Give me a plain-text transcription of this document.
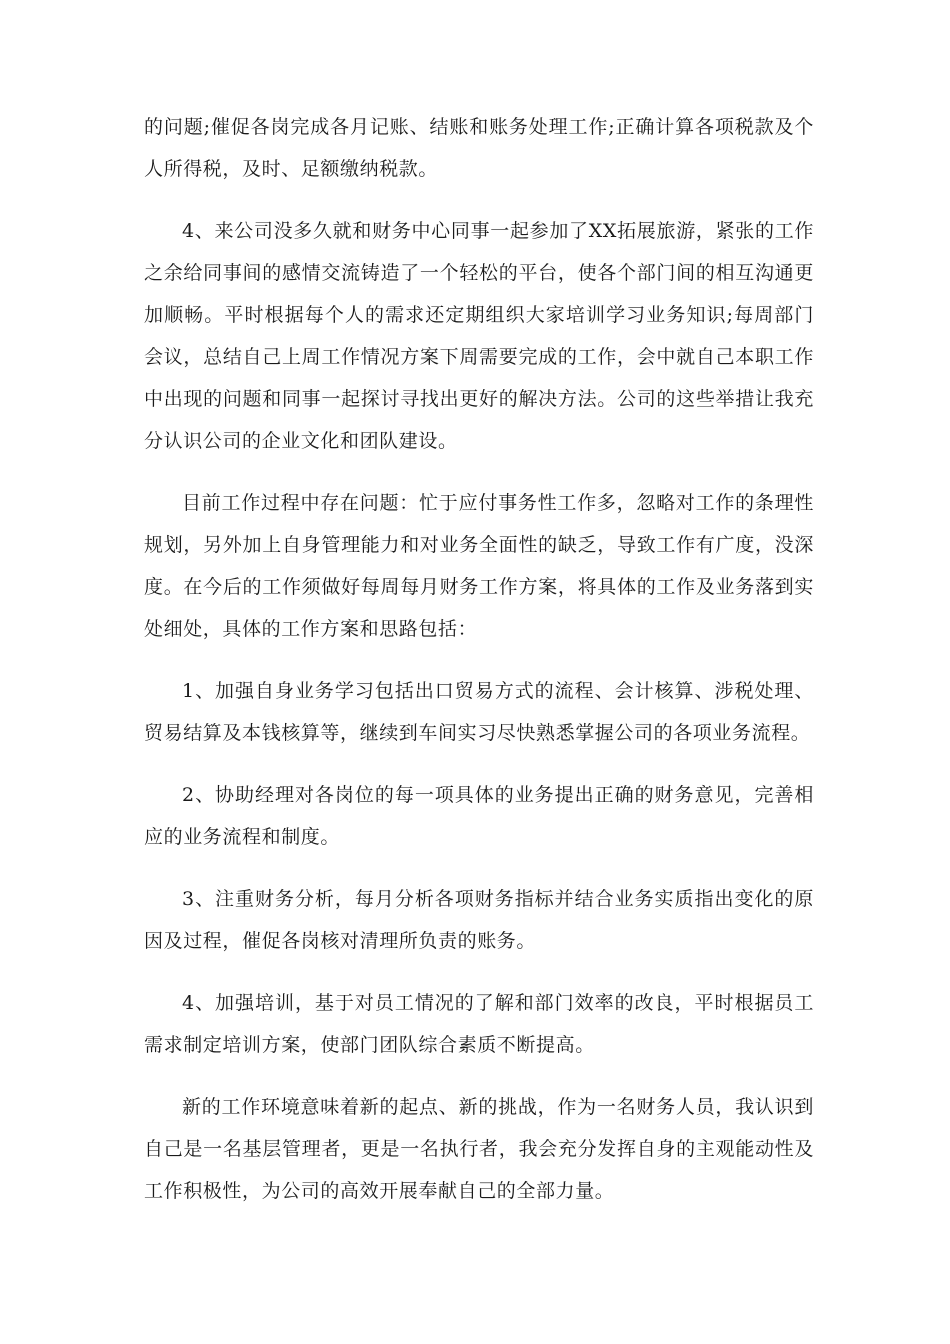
的问题;催促各岗完成各月记账、结账和账务处理工作;正确计算各项税款及个人所得税，及时、足额缴纳税款。

4、来公司没多久就和财务中心同事一起参加了XX拓展旅游，紧张的工作之余给同事间的感情交流铸造了一个轻松的平台，使各个部门间的相互沟通更加顺畅。平时根据每个人的需求还定期组织大家培训学习业务知识;每周部门会议，总结自己上周工作情况方案下周需要完成的工作，会中就自己本职工作中出现的问题和同事一起探讨寻找出更好的解决方法。公司的这些举措让我充分认识公司的企业文化和团队建设。

目前工作过程中存在问题：忙于应付事务性工作多，忽略对工作的条理性规划，另外加上自身管理能力和对业务全面性的缺乏，导致工作有广度，没深度。在今后的工作须做好每周每月财务工作方案，将具体的工作及业务落到实处细处，具体的工作方案和思路包括：

1、加强自身业务学习包括出口贸易方式的流程、会计核算、涉税处理、贸易结算及本钱核算等，继续到车间实习尽快熟悉掌握公司的各项业务流程。

2、协助经理对各岗位的每一项具体的业务提出正确的财务意见，完善相应的业务流程和制度。

3、注重财务分析，每月分析各项财务指标并结合业务实质指出变化的原因及过程，催促各岗核对清理所负责的账务。

4、加强培训，基于对员工情况的了解和部门效率的改良，平时根据员工需求制定培训方案，使部门团队综合素质不断提高。

新的工作环境意味着新的起点、新的挑战，作为一名财务人员，我认识到自己是一名基层管理者，更是一名执行者，我会充分发挥自身的主观能动性及工作积极性，为公司的高效开展奉献自己的全部力量。
